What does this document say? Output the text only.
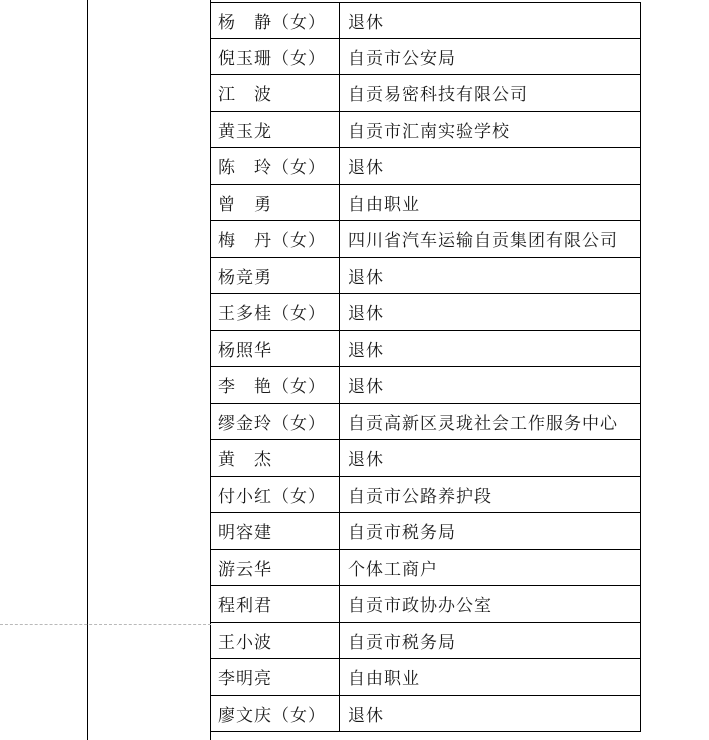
杨　静（女）	退休
倪玉珊（女）	自贡市公安局
江　波	自贡易密科技有限公司
黄玉龙	自贡市汇南实验学校
陈　玲（女）	退休
曾　勇	自由职业
梅　丹（女）	四川省汽车运输自贡集团有限公司
杨竞勇	退休
王多桂（女）	退休
杨照华	退休
李　艳（女）	退休
缪金玲（女）	自贡高新区灵珑社会工作服务中心
黄　杰	退休
付小红（女）	自贡市公路养护段
明容建	自贡市税务局
游云华	个体工商户
程利君	自贡市政协办公室
王小波	自贡市税务局
李明亮	自由职业
廖文庆（女）	退休
